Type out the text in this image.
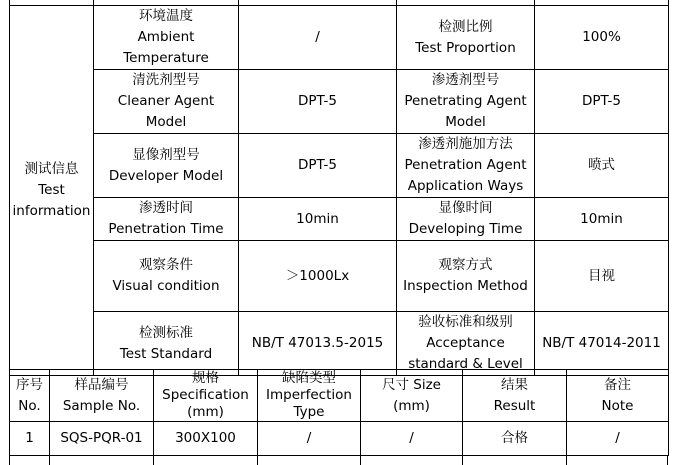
测试信息
Test
information	环境温度
Ambient
Temperature	/	检测比例
Test Proportion	100%

	清洗剂型号
Cleaner Agent
Model	DPT-5	渗透剂型号
Penetrating Agent
Model	DPT-5

	显像剂型号
Developer Model	DPT-5	渗透剂施加方法
Penetration Agent
Application Ways	喷式

	渗透时间
Penetration Time	10min	显像时间
Developing Time	10min

	观察条件
Visual condition	＞1000Lx	观察方式
Inspection Method	目视

	检测标准
Test Standard	NB/T 47013.5-2015	验收标准和级别
Acceptance
standard & Level	NB/T 47014-2011
序号
No.	样品编号
Sample No.	规格
Specification
(mm)	缺陷类型
Imperfection
Type	尺寸 Size
(mm)	结果
Result	备注
Note

1	SQS-PQR-01	300X100	/	/	合格	/
